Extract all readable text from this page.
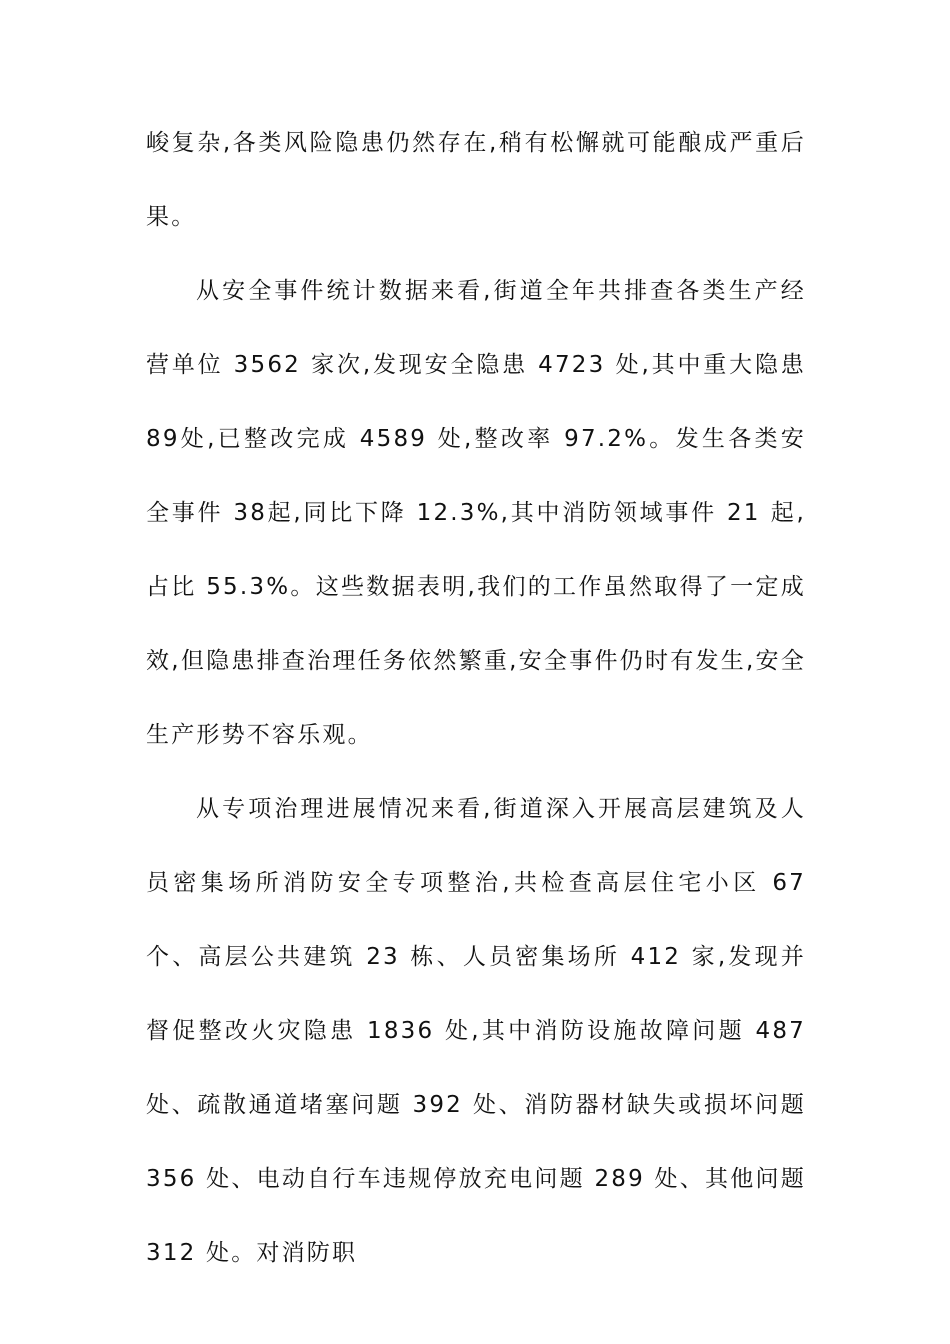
峻复杂,各类风险隐患仍然存在,稍有松懈就可能酿成严重后果。

从安全事件统计数据来看,街道全年共排查各类生产经营单位 3562 家次,发现安全隐患 4723 处,其中重大隐患 89处,已整改完成 4589 处,整改率 97.2%。发生各类安全事件 38起,同比下降 12.3%,其中消防领域事件 21 起,占比 55.3%。这些数据表明,我们的工作虽然取得了一定成效,但隐患排查治理任务依然繁重,安全事件仍时有发生,安全生产形势不容乐观。

从专项治理进展情况来看,街道深入开展高层建筑及人员密集场所消防安全专项整治,共检查高层住宅小区 67 个、高层公共建筑 23 栋、人员密集场所 412 家,发现并督促整改火灾隐患 1836 处,其中消防设施故障问题 487 处、疏散通道堵塞问题 392 处、消防器材缺失或损坏问题 356 处、电动自行车违规停放充电问题 289 处、其他问题 312 处。对消防职
